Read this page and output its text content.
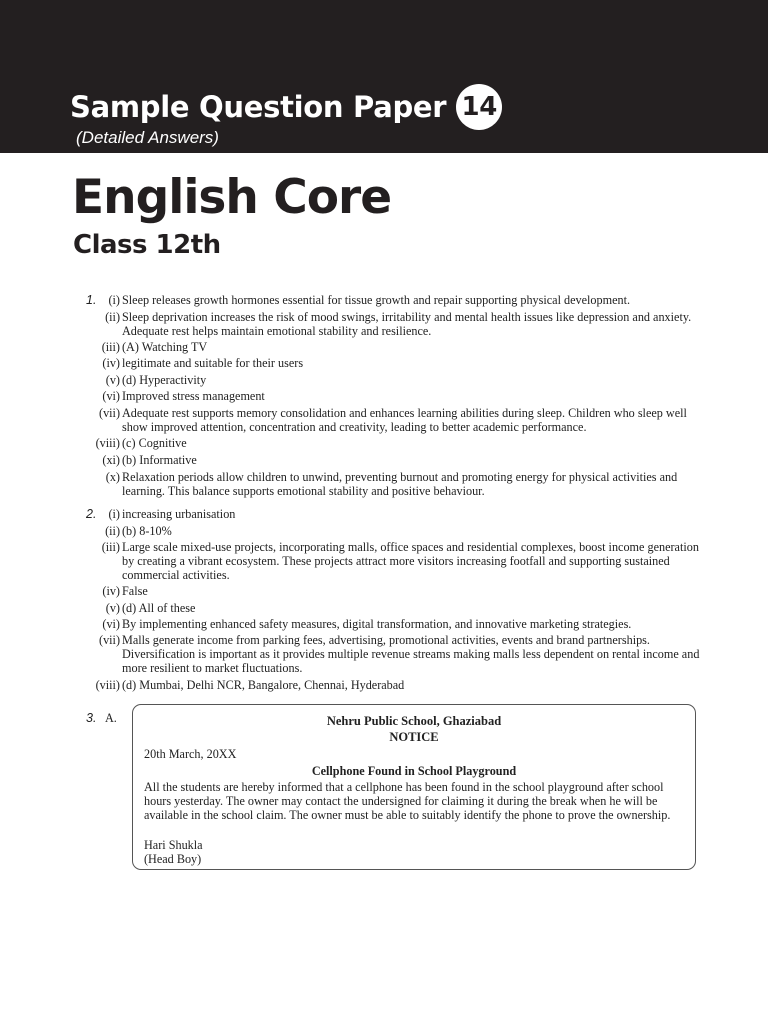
Sample Question Paper 14
(Detailed Answers)
English Core
Class 12th
1. (i) Sleep releases growth hormones essential for tissue growth and repair supporting physical development.
(ii) Sleep deprivation increases the risk of mood swings, irritability and mental health issues like depression and anxiety. Adequate rest helps maintain emotional stability and resilience.
(iii) (A) Watching TV
(iv) legitimate and suitable for their users
(v) (d) Hyperactivity
(vi) Improved stress management
(vii) Adequate rest supports memory consolidation and enhances learning abilities during sleep. Children who sleep well show improved attention, concentration and creativity, leading to better academic performance.
(viii) (c) Cognitive
(xi) (b) Informative
(x) Relaxation periods allow children to unwind, preventing burnout and promoting energy for physical activities and learning. This balance supports emotional stability and positive behaviour.
2. (i) increasing urbanisation
(ii) (b) 8-10%
(iii) Large scale mixed-use projects, incorporating malls, office spaces and residential complexes, boost income generation by creating a vibrant ecosystem. These projects attract more visitors increasing footfall and supporting sustained commercial activities.
(iv) False
(v) (d) All of these
(vi) By implementing enhanced safety measures, digital transformation, and innovative marketing strategies.
(vii) Malls generate income from parking fees, advertising, promotional activities, events and brand partnerships. Diversification is important as it provides multiple revenue streams making malls less dependent on rental income and more resilient to market fluctuations.
(viii) (d) Mumbai, Delhi NCR, Bangalore, Chennai, Hyderabad
3. A.	Nehru Public School, Ghaziabad
NOTICE
20th March, 20XX
Cellphone Found in School Playground
All the students are hereby informed that a cellphone has been found in the school playground after school hours yesterday. The owner may contact the undersigned for claiming it during the break when he will be available in the school claim. The owner must be able to suitably identify the phone to prove the ownership.
Hari Shukla
(Head Boy)
